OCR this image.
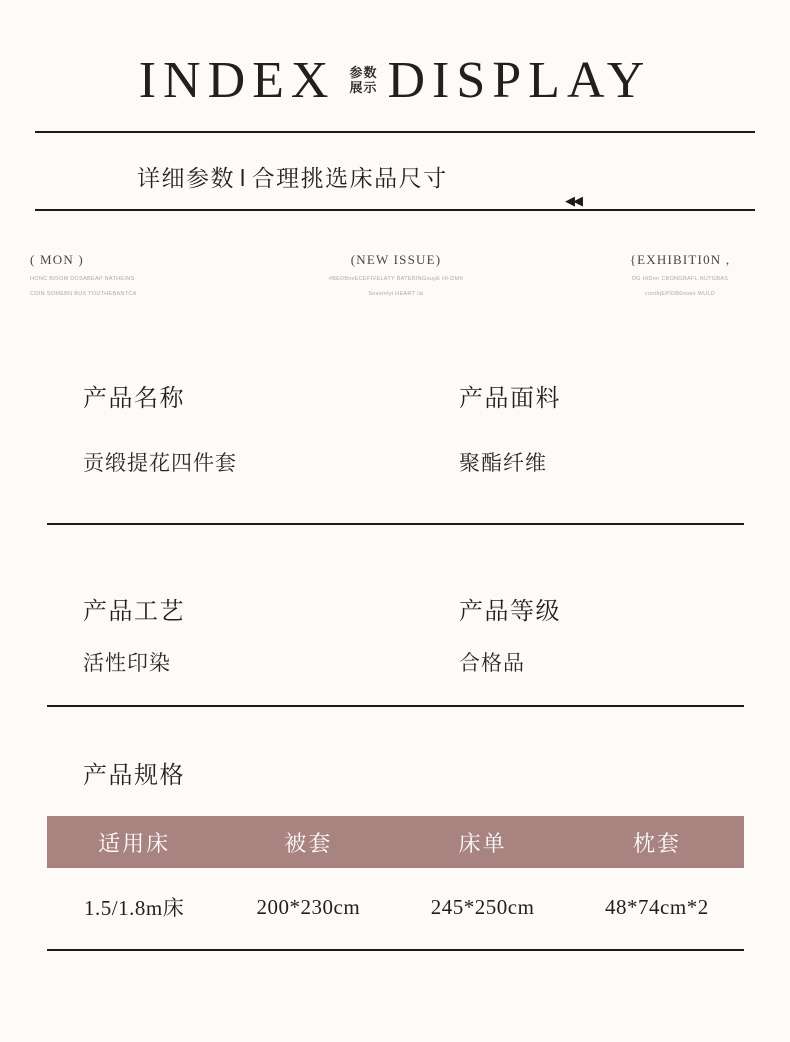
INDEX 参数
展示 DISPLAY
详细参数 l 合理挑选床品尺寸
◀◀
( MON )
HONC BISOM DOSABEAP NATHEINS
COIN SOMEBN BUX TOUTHEBANTCA
(NEW ISSUE)
#BEDBnvECEFIVELATY BATEBINGouyE HI-DMIt
Sosemlyt HEART /ai
{EXHIBITI0N ,
OG HiDnn CBONGBAFL NUTGBAS
contbjEPIDB0ooex WULD
产品名称
贡缎提花四件套
产品面料
聚酯纤维
产品工艺
活性印染
产品等级
合格品
产品规格
适用床	被套	床单	枕套
1.5/1.8m床	200*230cm	245*250cm	48*74cm*2
